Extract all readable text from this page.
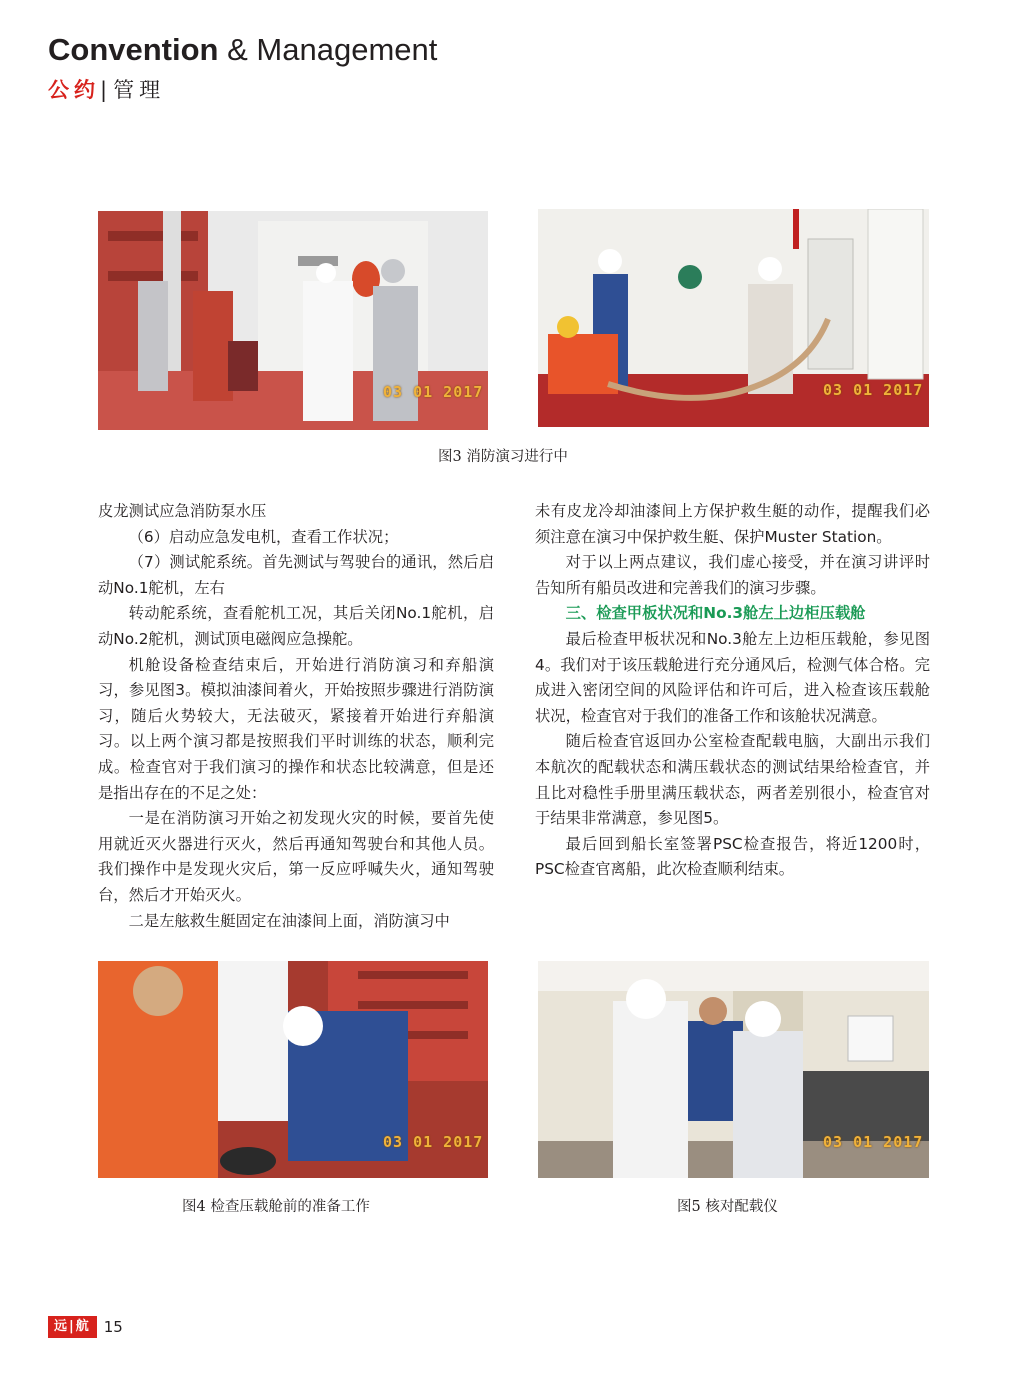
Convention & Management
公约| 管理
03 01 2017	03 01 2017
图3 消防演习进行中

皮龙测试应急消防泵水压

（6）启动应急发电机，查看工作状况；

（7）测试舵系统。首先测试与驾驶台的通讯，然后启动No.1舵机，左右

转动舵系统，查看舵机工况，其后关闭No.1舵机，启动No.2舵机，测试顶电磁阀应急操舵。

机舱设备检查结束后，开始进行消防演习和弃船演习，参见图3。模拟油漆间着火，开始按照步骤进行消防演习，随后火势较大，无法破灭，紧接着开始进行弃船演习。以上两个演习都是按照我们平时训练的状态，顺利完成。检查官对于我们演习的操作和状态比较满意，但是还是指出存在的不足之处：

一是在消防演习开始之初发现火灾的时候，要首先使用就近灭火器进行灭火，然后再通知驾驶台和其他人员。我们操作中是发现火灾后，第一反应呼喊失火，通知驾驶台，然后才开始灭火。

二是左舷救生艇固定在油漆间上面，消防演习中

未有皮龙冷却油漆间上方保护救生艇的动作，提醒我们必须注意在演习中保护救生艇、保护Muster Station。

对于以上两点建议，我们虚心接受，并在演习讲评时告知所有船员改进和完善我们的演习步骤。

三、检查甲板状况和No.3舱左上边柜压载舱

最后检查甲板状况和No.3舱左上边柜压载舱，参见图4。我们对于该压载舱进行充分通风后，检测气体合格。完成进入密闭空间的风险评估和许可后，进入检查该压载舱状况，检查官对于我们的准备工作和该舱状况满意。

随后检查官返回办公室检查配载电脑，大副出示我们本航次的配载状态和满压载状态的测试结果给检查官，并且比对稳性手册里满压载状态，两者差别很小，检查官对于结果非常满意，参见图5。

最后回到船长室签署PSC检查报告，将近1200时，PSC检查官离船，此次检查顺利结束。

03 01 2017	03 01 2017
图4 检查压载舱前的准备工作	图5 核对配载仪
远|航 15
